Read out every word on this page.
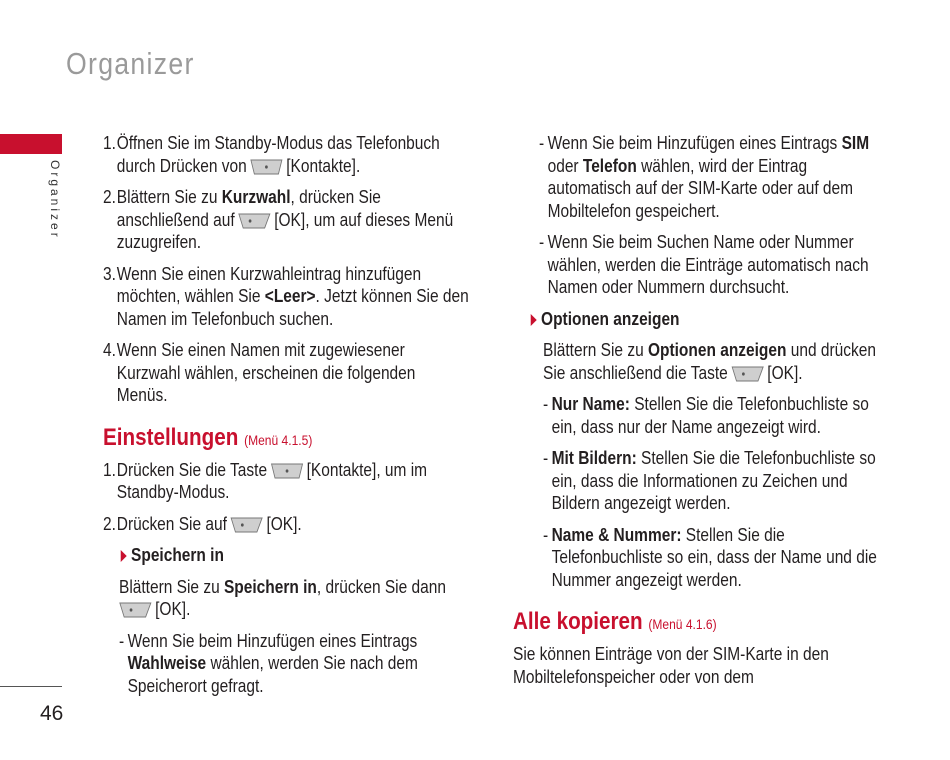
Organizer
Organizer
46
1. Öffnen Sie im Standby-Modus das Telefonbuch
durch Drücken von [Kontakte].
2. Blättern Sie zu Kurzwahl, drücken Sie
anschließend auf [OK], um auf dieses Menü
zuzugreifen.
3. Wenn Sie einen Kurzwahleintrag hinzufügen
möchten, wählen Sie <Leer>. Jetzt können Sie den
Namen im Telefonbuch suchen.
4. Wenn Sie einen Namen mit zugewiesener
Kurzwahl wählen, erscheinen die folgenden
Menüs.
Einstellungen (Menü 4.1.5)
1. Drücken Sie die Taste [Kontakte], um im
Standby-Modus.
2. Drücken Sie auf [OK].
Speichern in
Blättern Sie zu Speichern in, drücken Sie dann
[OK].
- Wenn Sie beim Hinzufügen eines Eintrags
Wahlweise wählen, werden Sie nach dem
Speicherort gefragt.
- Wenn Sie beim Hinzufügen eines Eintrags SIM
oder Telefon wählen, wird der Eintrag
automatisch auf der SIM-Karte oder auf dem
Mobiltelefon gespeichert.
- Wenn Sie beim Suchen Name oder Nummer
wählen, werden die Einträge automatisch nach
Namen oder Nummern durchsucht.
Optionen anzeigen
Blättern Sie zu Optionen anzeigen und drücken
Sie anschließend die Taste [OK].
- Nur Name: Stellen Sie die Telefonbuchliste so
ein, dass nur der Name angezeigt wird.
- Mit Bildern: Stellen Sie die Telefonbuchliste so
ein, dass die Informationen zu Zeichen und
Bildern angezeigt werden.
- Name & Nummer: Stellen Sie die
Telefonbuchliste so ein, dass der Name und die
Nummer angezeigt werden.
Alle kopieren (Menü 4.1.6)
Sie können Einträge von der SIM-Karte in den
Mobiltelefonspeicher oder von dem
